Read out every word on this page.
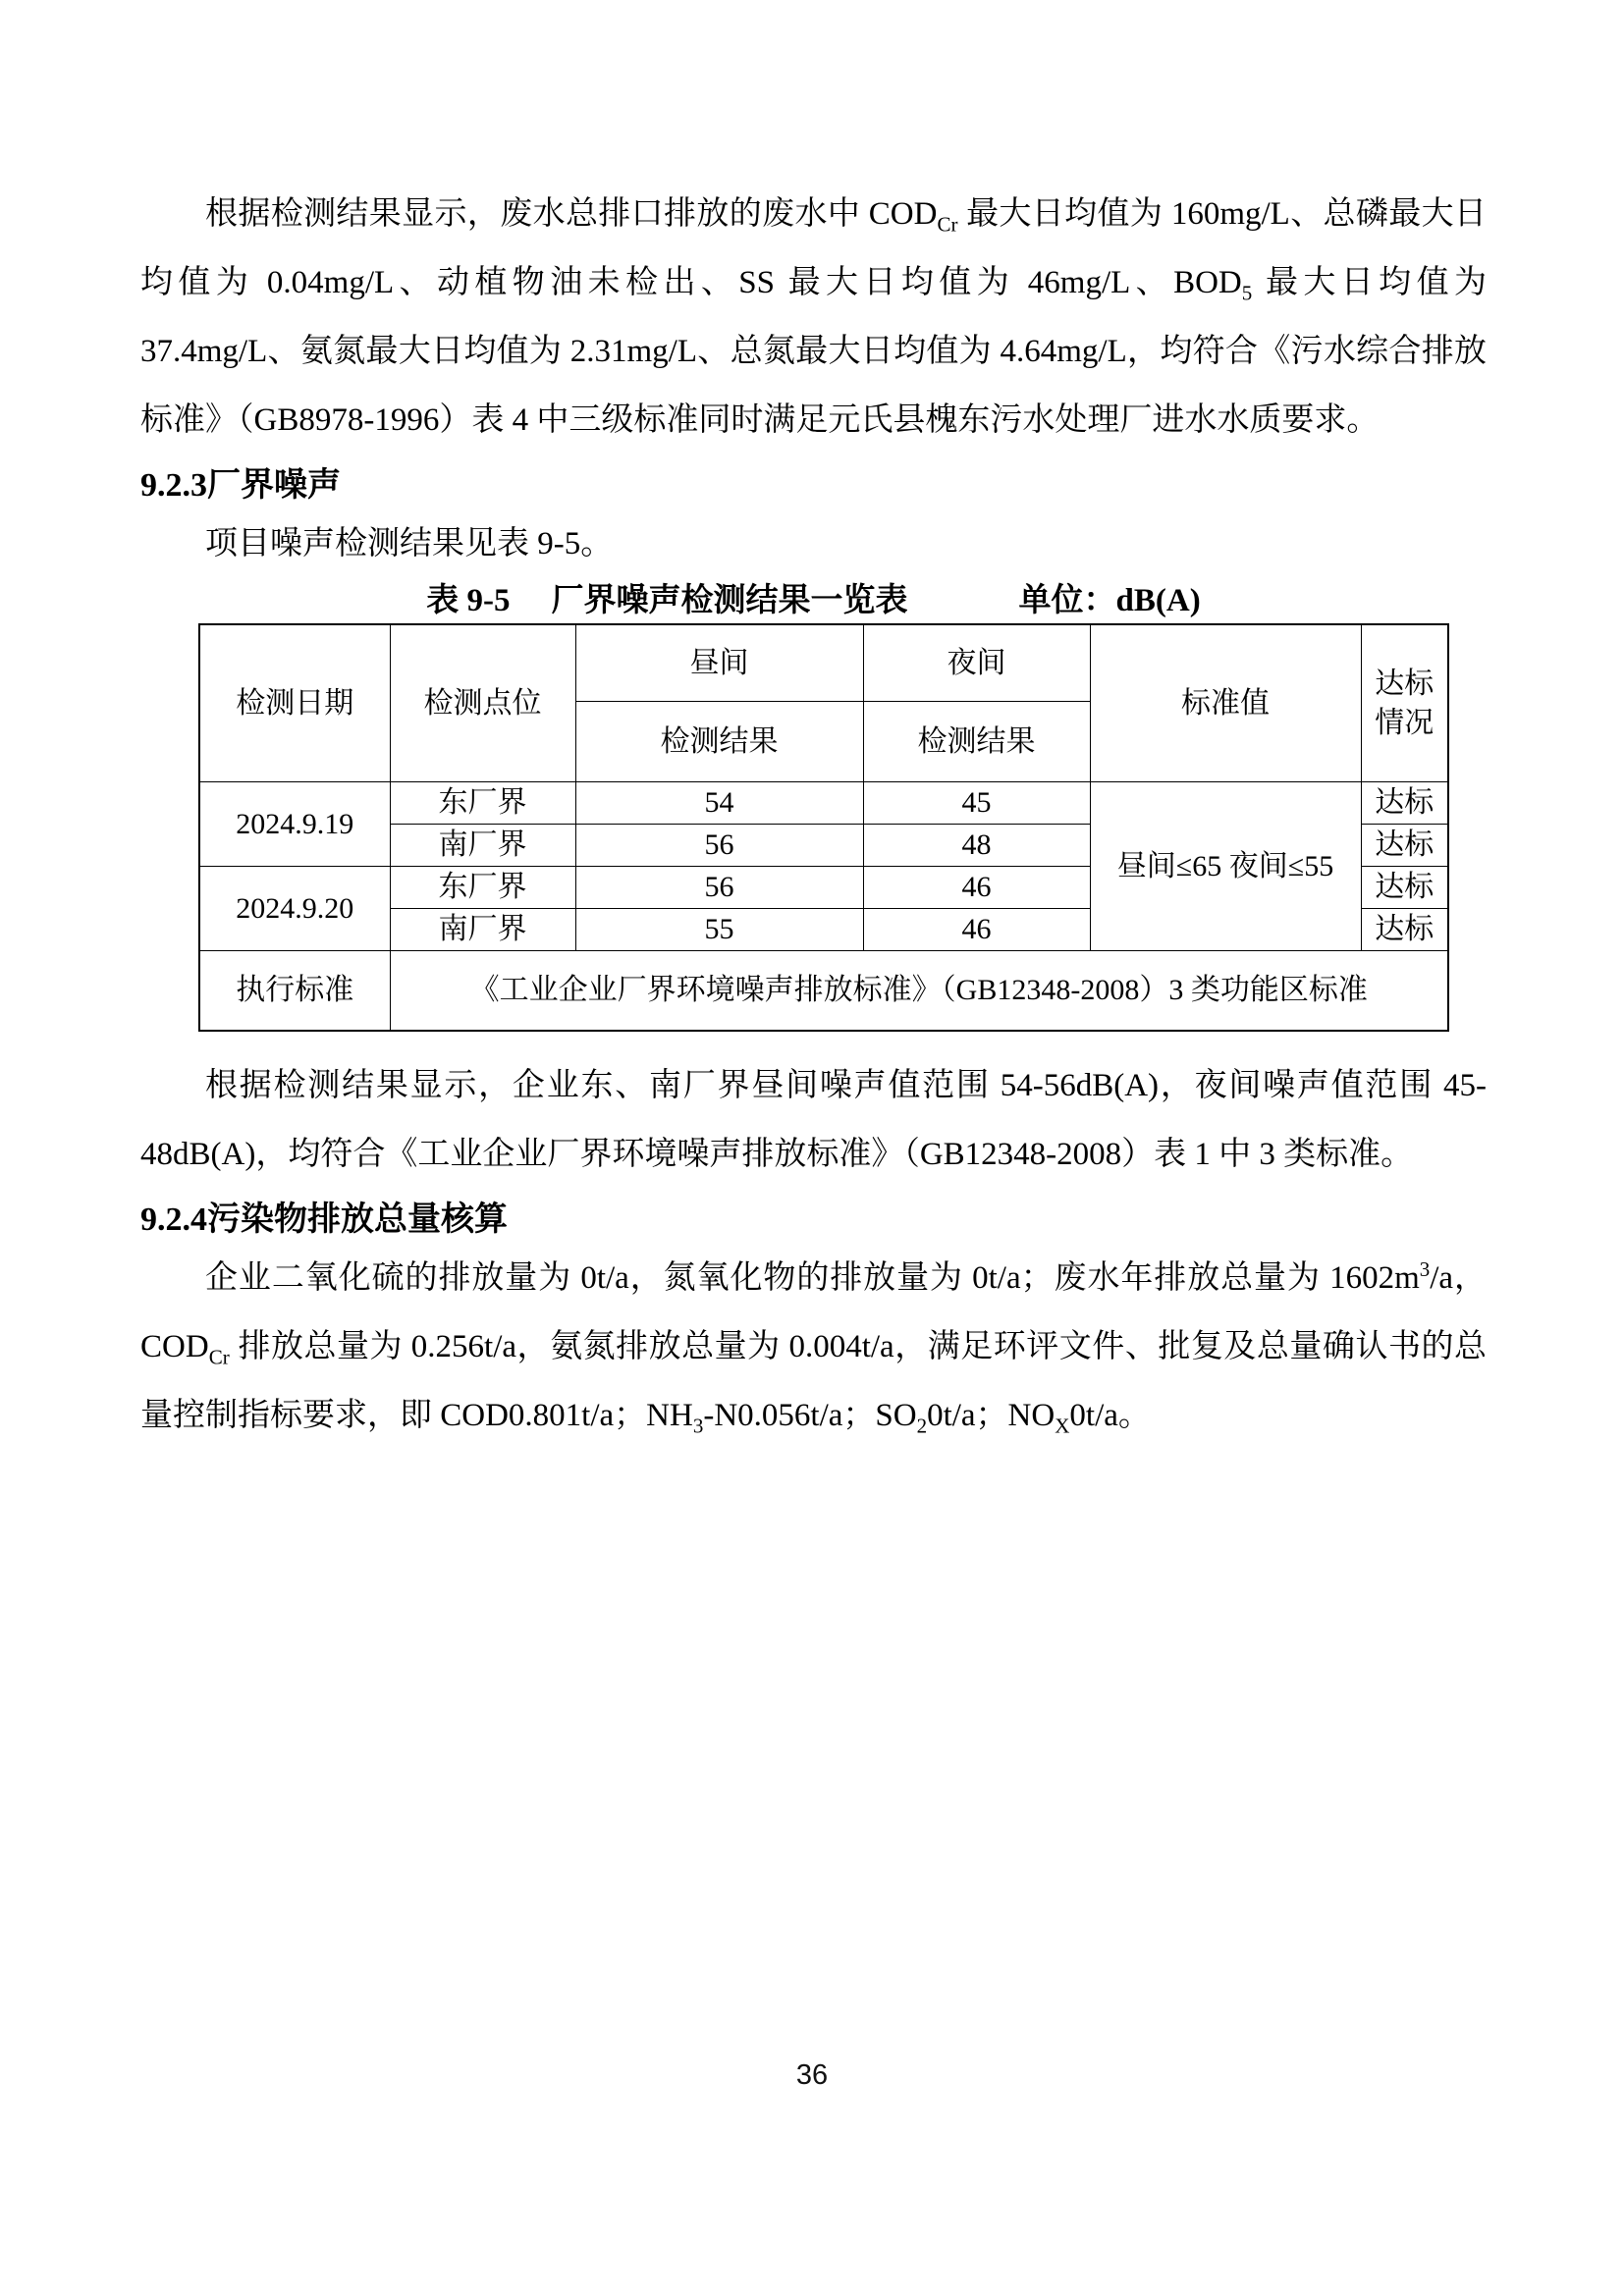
根据检测结果显示，废水总排口排放的废水中 $COD_{Cr}$ 最大日均值为 160mg/L、总磷最大日均值为 0.04mg/L、动植物油未检出、SS 最大日均值为 46mg/L、$BOD_5$ 最大日均值为 37.4mg/L、氨氮最大日均值为 2.31mg/L、总氮最大日均值为 4.64mg/L，均符合《污水综合排放标准》（GB8978-1996）表 4 中三级标准同时满足元氏县槐东污水处理厂进水水质要求。

9.2.3厂界噪声

项目噪声检测结果见表 9-5。

表 9-5 厂界噪声检测结果一览表	单位：dB(A)
检测日期	检测点位	昼间	夜间	标准值	达标情况
		检测结果	检测结果		
2024.9.19	东厂界	54	45	昼间≤65 夜间≤55	达标
	南厂界	56	48		达标
2024.9.20	东厂界	56	46		达标
	南厂界	55	46		达标
执行标准	《工业企业厂界环境噪声排放标准》（GB12348-2008）3 类功能区标准				

根据检测结果显示，企业东、南厂界昼间噪声值范围 54-56dB(A)，夜间噪声值范围 45-48dB(A)，均符合《工业企业厂界环境噪声排放标准》（GB12348-2008）表 1 中 3 类标准。

9.2.4污染物排放总量核算

企业二氧化硫的排放量为 0t/a，氮氧化物的排放量为 0t/a；废水年排放总量为 $1602m^3/a$，$COD_{Cr}$ 排放总量为 0.256t/a，氨氮排放总量为 0.004t/a，满足环评文件、批复及总量确认书的总量控制指标要求，即 COD0.801t/a；$NH_3-N0.056t/a$；$SO_20t/a$；$NO_X0t/a$。

36
